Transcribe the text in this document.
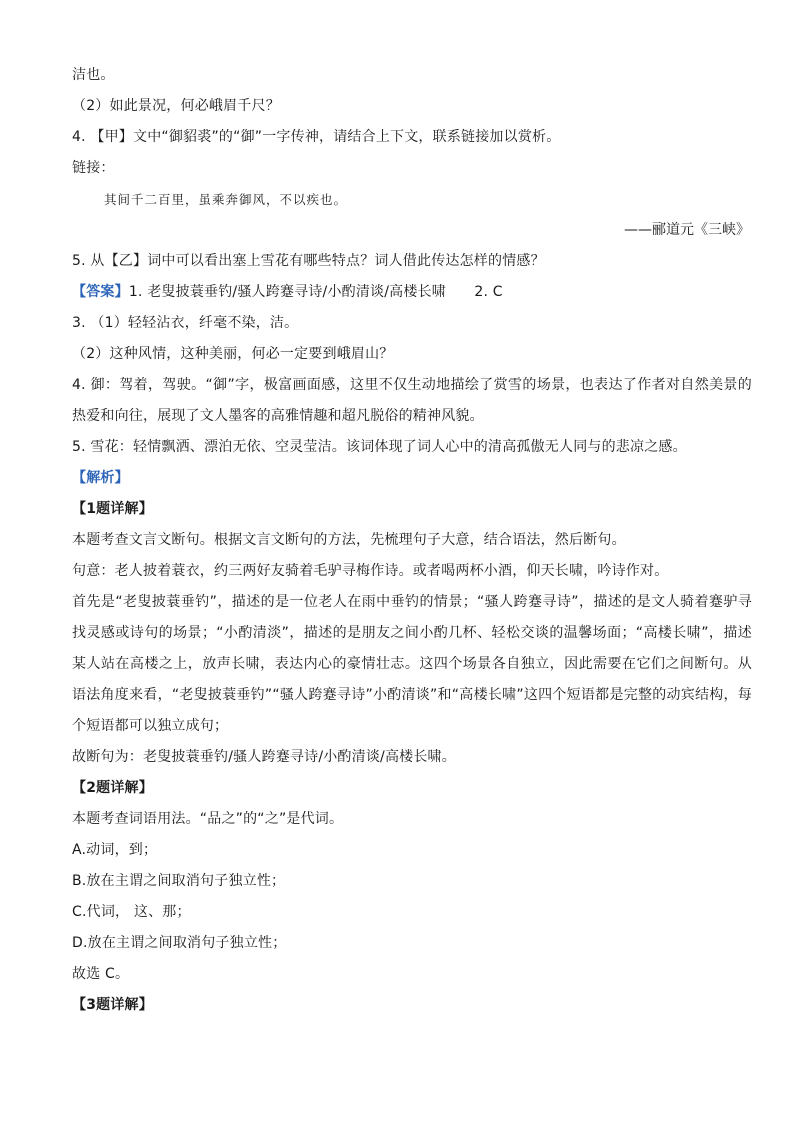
洁也。
（2）如此景况，何必峨眉千尺？
4. 【甲】文中“御貂裘”的“御”一字传神，请结合上下文，联系链接加以赏析。
链接：
其间千二百里，虽乘奔御风，不以疾也。
——郦道元《三峡》
5. 从【乙】词中可以看出塞上雪花有哪些特点？词人借此传达怎样的情感？
【答案】1. 老叟披蓑垂钓/骚人跨蹇寻诗/小酌清谈/高楼长啸　　2. C
3. （1）轻轻沾衣，纤毫不染，洁。
（2）这种风情，这种美丽，何必一定要到峨眉山？
4. 御：驾着，驾驶。“御”字，极富画面感，这里不仅生动地描绘了赏雪的场景，也表达了作者对自然美景的热爱和向往，展现了文人墨客的高雅情趣和超凡脱俗的精神风貌。
5. 雪花：轻情飘洒、漂泊无依、空灵莹洁。该词体现了词人心中的清高孤傲无人同与的悲凉之感。
【解析】
【1题详解】
本题考查文言文断句。根据文言文断句的方法，先梳理句子大意，结合语法，然后断句。
句意：老人披着蓑衣，约三两好友骑着毛驴寻梅作诗。或者喝两杯小酒，仰天长啸，吟诗作对。
首先是“老叟披蓑垂钓”，描述的是一位老人在雨中垂钓的情景；“骚人跨蹇寻诗”，描述的是文人骑着蹇驴寻找灵感或诗句的场景；“小酌清淡”，描述的是朋友之间小酌几杯、轻松交谈的温馨场面；“高楼长啸”，描述某人站在高楼之上，放声长啸，表达内心的豪情壮志。这四个场景各自独立，因此需要在它们之间断句。从语法角度来看，“老叟披蓑垂钓”“骚人跨蹇寻诗”小酌清谈”和“高楼长啸”这四个短语都是完整的动宾结构，每个短语都可以独立成句；
故断句为：老叟披蓑垂钓/骚人跨蹇寻诗/小酌清谈/高楼长啸。
【2题详解】
本题考查词语用法。“品之”的“之”是代词。
A.动词，到；
B.放在主谓之间取消句子独立性；
C.代词， 这、那；
D.放在主谓之间取消句子独立性；
故选 C。
【3题详解】
